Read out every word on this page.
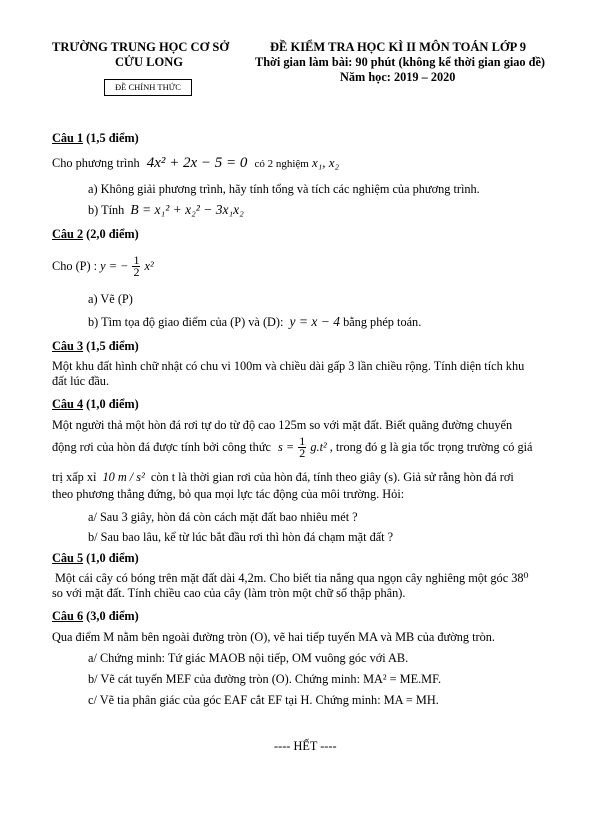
TRƯỜNG TRUNG HỌC CƠ SỞ
CỬU LONG
ĐỀ CHÍNH THỨC
ĐỀ KIỂM TRA HỌC KÌ II MÔN TOÁN LỚP 9
Thời gian làm bài: 90 phút (không kể thời gian giao đề)
Năm học: 2019 – 2020
Câu 1 (1,5 điểm)
Cho phương trình 4x² + 2x − 5 = 0 có 2 nghiệm x₁, x₂
a) Không giải phương trình, hãy tính tổng và tích các nghiệm của phương trình.
b) Tính B = x₁² + x₂² − 3x₁x₂
Câu 2 (2,0 điểm)
Cho (P) : y = − $\frac{1}{2} x^2$
a) Vẽ (P)
b) Tìm tọa độ giao điểm của (P) và (D): y = x − 4 bằng phép toán.
Câu 3 (1,5 điểm)
Một khu đất hình chữ nhật có chu vi 100m và chiều dài gấp 3 lần chiều rộng. Tính diện tích khu
đất lúc đầu.
Câu 4 (1,0 điểm)
Một người thả một hòn đá rơi tự do từ độ cao 125m so với mặt đất. Biết quãng đường chuyển
động rơi của hòn đá được tính bởi công thức $s = \frac{1}{2} g.t^2$ , trong đó g là gia tốc trọng trường có giá
trị xấp xỉ 10 m / s² còn t là thời gian rơi của hòn đá, tính theo giây (s). Giả sử rằng hòn đá rơi
theo phương thẳng đứng, bỏ qua mọi lực tác động của môi trường. Hỏi:
a/ Sau 3 giây, hòn đá còn cách mặt đất bao nhiêu mét ?
b/ Sau bao lâu, kể từ lúc bắt đầu rơi thì hòn đá chạm mặt đất ?
Câu 5 (1,0 điểm)
Một cái cây có bóng trên mặt đất dài 4,2m. Cho biết tia nắng qua ngọn cây nghiêng một góc 38⁰
so với mặt đất. Tính chiều cao của cây (làm tròn một chữ số thập phân).
Câu 6 (3,0 điểm)
Qua điểm M nằm bên ngoài đường tròn (O), vẽ hai tiếp tuyến MA và MB của đường tròn.
a/ Chứng minh: Tứ giác MAOB nội tiếp, OM vuông góc với AB.
b/ Vẽ cát tuyến MEF của đường tròn (O). Chứng minh: MA² = ME.MF.
c/ Vẽ tia phân giác của góc EAF cắt EF tại H. Chứng minh: MA = MH.
---- HẾT ----
